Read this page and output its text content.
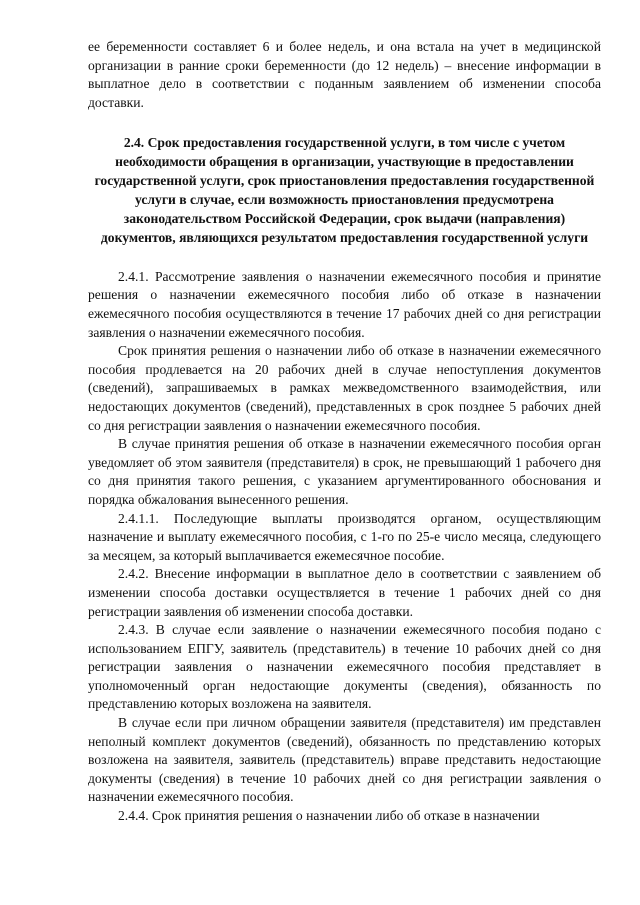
ее беременности составляет 6 и более недель, и она встала на учет в медицинской организации в ранние сроки беременности (до 12 недель) – внесение информации в выплатное дело в соответствии с поданным заявлением об изменении способа доставки.

2.4. Срок предоставления государственной услуги, в том числе с учетом необходимости обращения в организации, участвующие в предоставлении государственной услуги, срок приостановления предоставления государственной услуги в случае, если возможность приостановления предусмотрена законодательством Российской Федерации, срок выдачи (направления) документов, являющихся результатом предоставления государственной услуги

2.4.1. Рассмотрение заявления о назначении ежемесячного пособия и принятие решения о назначении ежемесячного пособия либо об отказе в назначении ежемесячного пособия осуществляются в течение 17 рабочих дней со дня регистрации заявления о назначении ежемесячного пособия.

Срок принятия решения о назначении либо об отказе в назначении ежемесячного пособия продлевается на 20 рабочих дней в случае непоступления документов (сведений), запрашиваемых в рамках межведомственного взаимодействия, или недостающих документов (сведений), представленных в срок позднее 5 рабочих дней со дня регистрации заявления о назначении ежемесячного пособия.

В случае принятия решения об отказе в назначении ежемесячного пособия орган уведомляет об этом заявителя (представителя) в срок, не превышающий 1 рабочего дня со дня принятия такого решения, с указанием аргументированного обоснования и порядка обжалования вынесенного решения.

2.4.1.1. Последующие выплаты производятся органом, осуществляющим назначение и выплату ежемесячного пособия, с 1-го по 25-е число месяца, следующего за месяцем, за который выплачивается ежемесячное пособие.

2.4.2. Внесение информации в выплатное дело в соответствии с заявлением об изменении способа доставки осуществляется в течение 1 рабочих дней со дня регистрации заявления об изменении способа доставки.

2.4.3. В случае если заявление о назначении ежемесячного пособия подано с использованием ЕПГУ, заявитель (представитель) в течение 10 рабочих дней со дня регистрации заявления о назначении ежемесячного пособия представляет в уполномоченный орган недостающие документы (сведения), обязанность по представлению которых возложена на заявителя.

В случае если при личном обращении заявителя (представителя) им представлен неполный комплект документов (сведений), обязанность по представлению которых возложена на заявителя, заявитель (представитель) вправе представить недостающие документы (сведения) в течение 10 рабочих дней со дня регистрации заявления о назначении ежемесячного пособия.

2.4.4. Срок принятия решения о назначении либо об отказе в назначении
